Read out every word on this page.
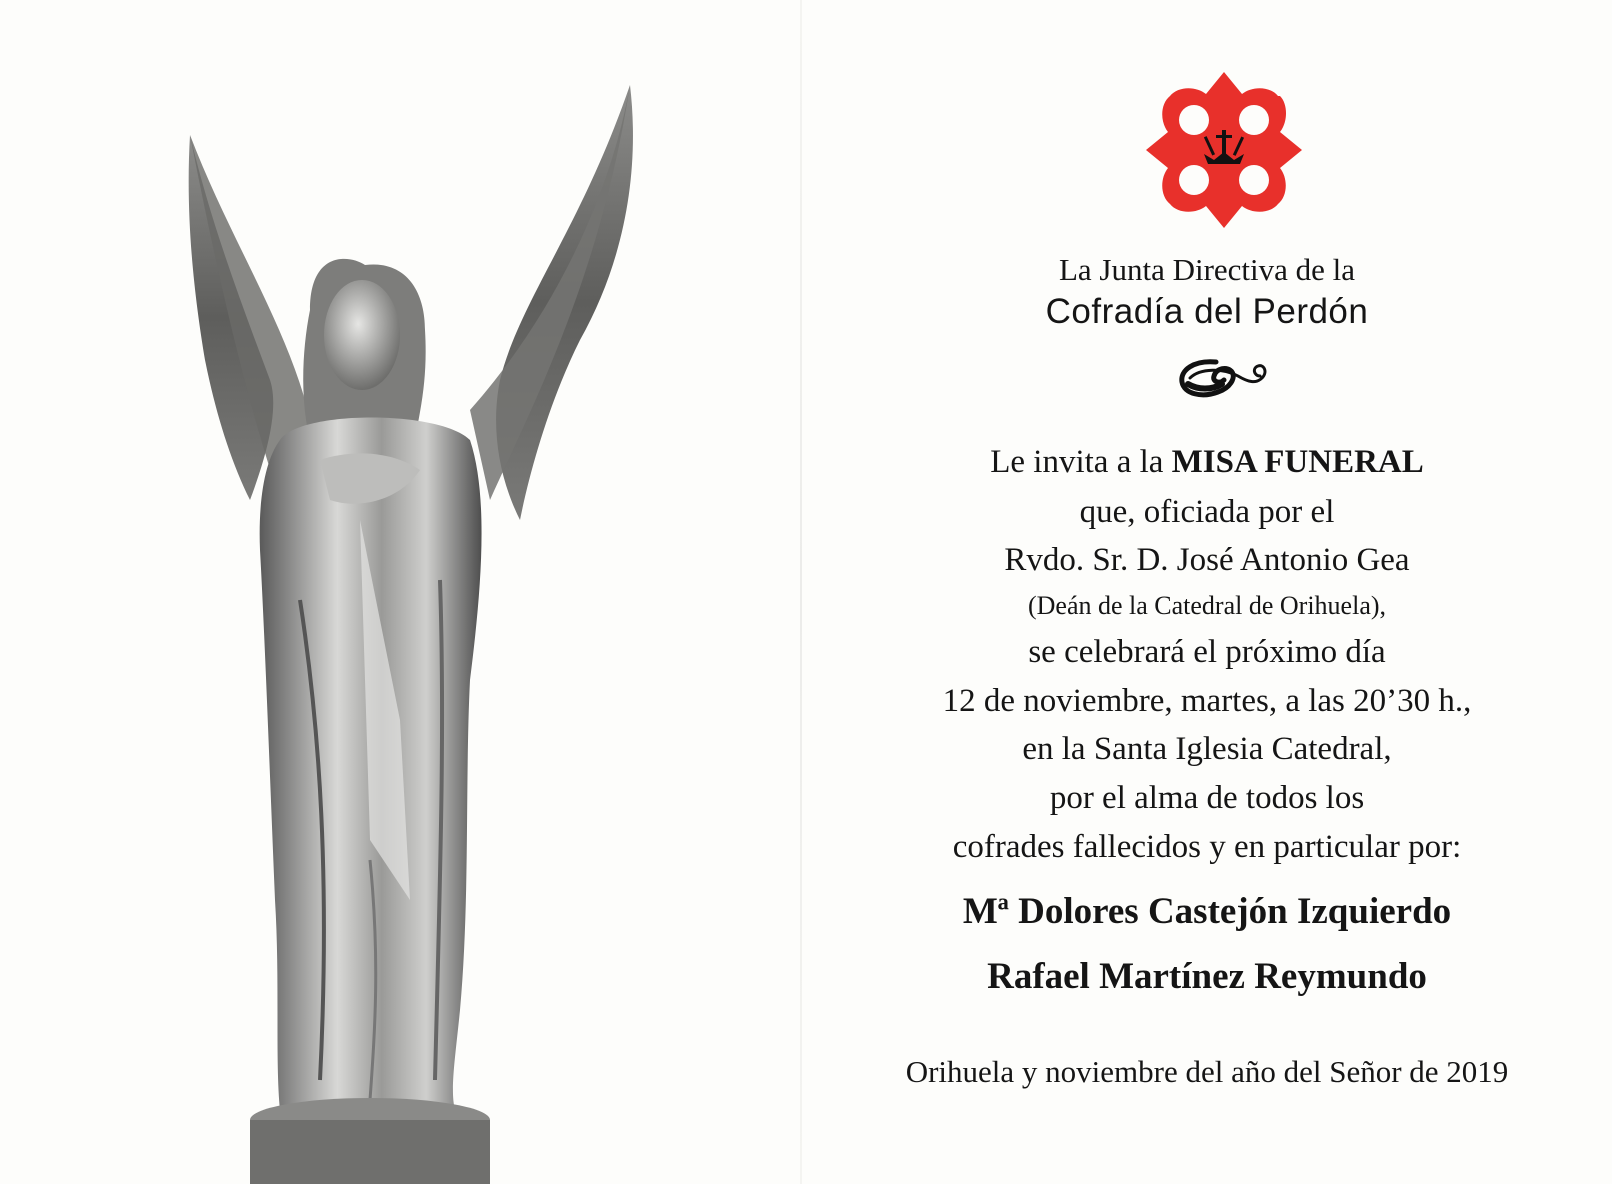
La Junta Directiva de la

Cofradía del Perdón

Le invita a la MISA FUNERAL

que, oficiada por el

Rvdo. Sr. D. José Antonio Gea

(Deán de la Catedral de Orihuela),

se celebrará el próximo día

12 de noviembre, martes, a las 20’30 h.,

en la Santa Iglesia Catedral,

por el alma de todos los

cofrades fallecidos y en particular por:

Mª Dolores Castejón Izquierdo

Rafael Martínez Reymundo

Orihuela y noviembre del año del Señor de 2019
